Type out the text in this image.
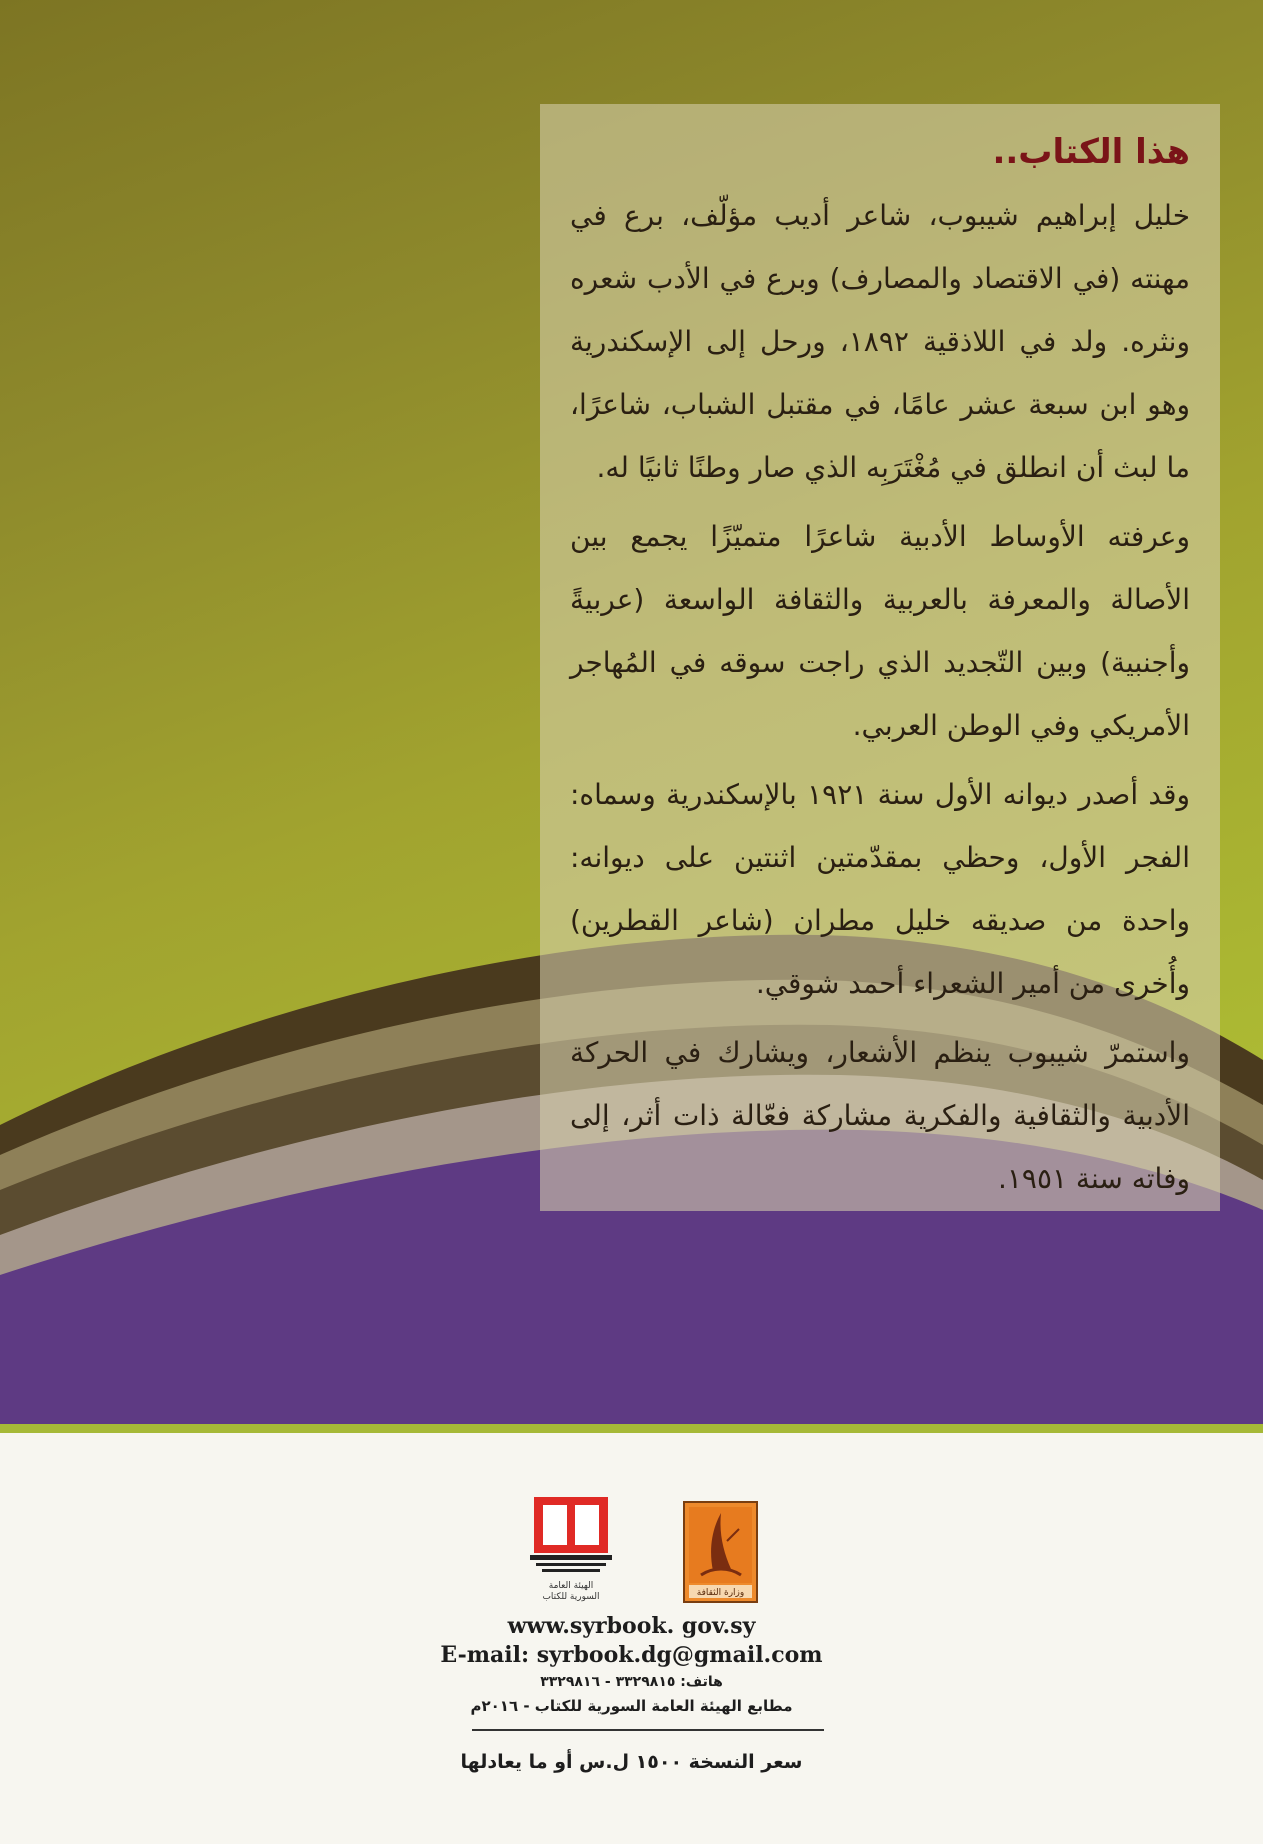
هذا الكتاب..

خليل إبراهيم شيبوب، شاعر أديب مؤلّف، برع في مهنته (في الاقتصاد والمصارف) وبرع في الأدب شعره ونثره. ولد في اللاذقية ١٨٩٢، ورحل إلى الإسكندرية وهو ابن سبعة عشر عامًا، في مقتبل الشباب، شاعرًا، ما لبث أن انطلق في مُغْتَرَبِه الذي صار وطنًا ثانيًا له.

وعرفته الأوساط الأدبية شاعرًا متميّزًا يجمع بين الأصالة والمعرفة بالعربية والثقافة الواسعة (عربيةً وأجنبية) وبين التّجديد الذي راجت سوقه في المُهاجر الأمريكي وفي الوطن العربي.

وقد أصدر ديوانه الأول سنة ١٩٢١ بالإسكندرية وسماه: الفجر الأول، وحظي بمقدّمتين اثنتين على ديوانه: واحدة من صديقه خليل مطران (شاعر القطرين) وأُخرى من أمير الشعراء أحمد شوقي.

واستمرّ شيبوب ينظم الأشعار، ويشارك في الحركة الأدبية والثقافية والفكرية مشاركة فعّالة ذات أثر، إلى وفاته سنة ١٩٥١.

الهيئة العامة
السورية للكتاب	وزارة الثقافة
www.syrbook. gov.sy
E-mail: syrbook.dg@gmail.com
هاتف: ٣٣٢٩٨١٥ - ٣٣٢٩٨١٦
مطابع الهيئة العامة السورية للكتاب - ٢٠١٦م
سعر النسخة ١٥٠٠ ل.س أو ما يعادلها
